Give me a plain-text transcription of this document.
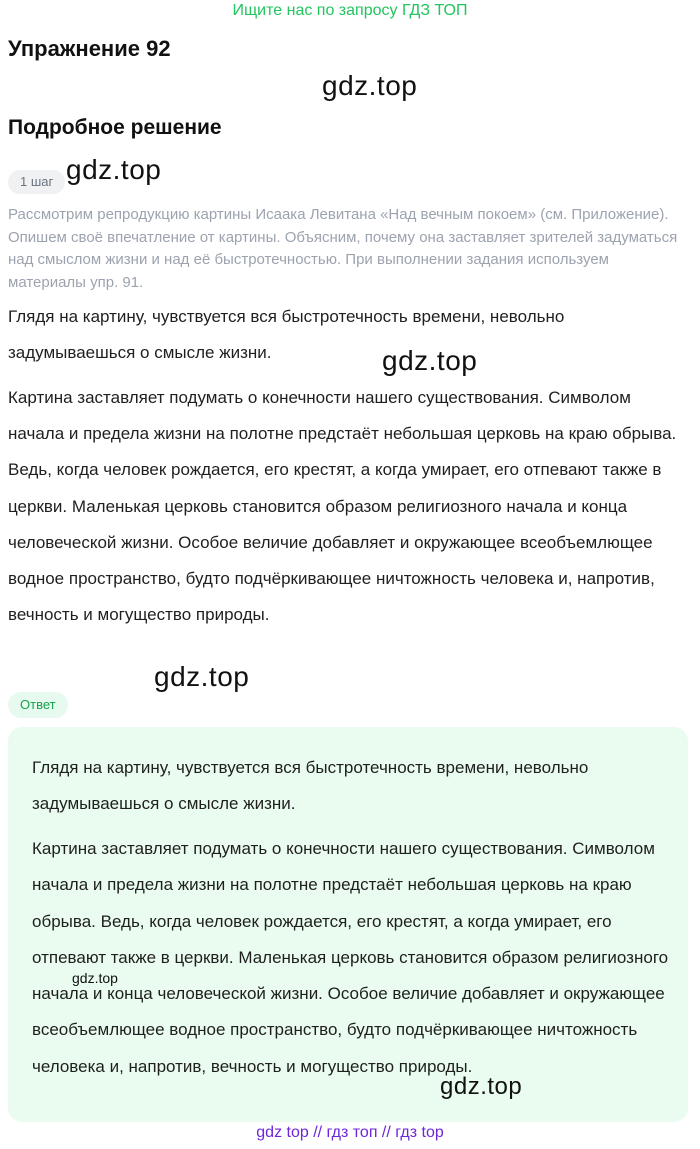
Ищите нас по запросу ГДЗ ТОП
Упражнение 92
gdz.top
Подробное решение
1 шаг gdz.top
Рассмотрим репродукцию картины Исаака Левитана «Над вечным покоем» (см. Приложение). Опишем своё впечатление от картины. Объясним, почему она заставляет зрителей задуматься над смыслом жизни и над её быстротечностью. При выполнении задания используем материалы упр. 91.
Глядя на картину, чувствуется вся быстротечность времени, невольно задумываешься о смысле жизни.	gdz.top
Картина заставляет подумать о конечности нашего существования. Символом начала и предела жизни на полотне предстаёт небольшая церковь на краю обрыва. Ведь, когда человек рождается, его крестят, а когда умирает, его отпевают также в церкви. Маленькая церковь становится образом религиозного начала и конца человеческой жизни. Особое величие добавляет и окружающее всеобъемлющее водное пространство, будто подчёркивающее ничтожность человека и, напротив, вечность и могущество природы.
gdz.top
Ответ
Глядя на картину, чувствуется вся быстротечность времени, невольно задумываешься о смысле жизни.
Картина заставляет подумать о конечности нашего существования. Символом начала и предела жизни на полотне предстаёт небольшая церковь на краю обрыва. Ведь, когда человек рождается, его крестят, а когда умирает, его отпевают также в церкви. Маленькая церковь становится образом религиозного начала и конца человеческой жизни. Особое величие добавляет и окружающее всеобъемлющее водное пространство, будто подчёркивающее ничтожность человека и, напротив, вечность и могущество природы.
gdz.top
gdz.top
gdz top // гдз топ // гдз top
